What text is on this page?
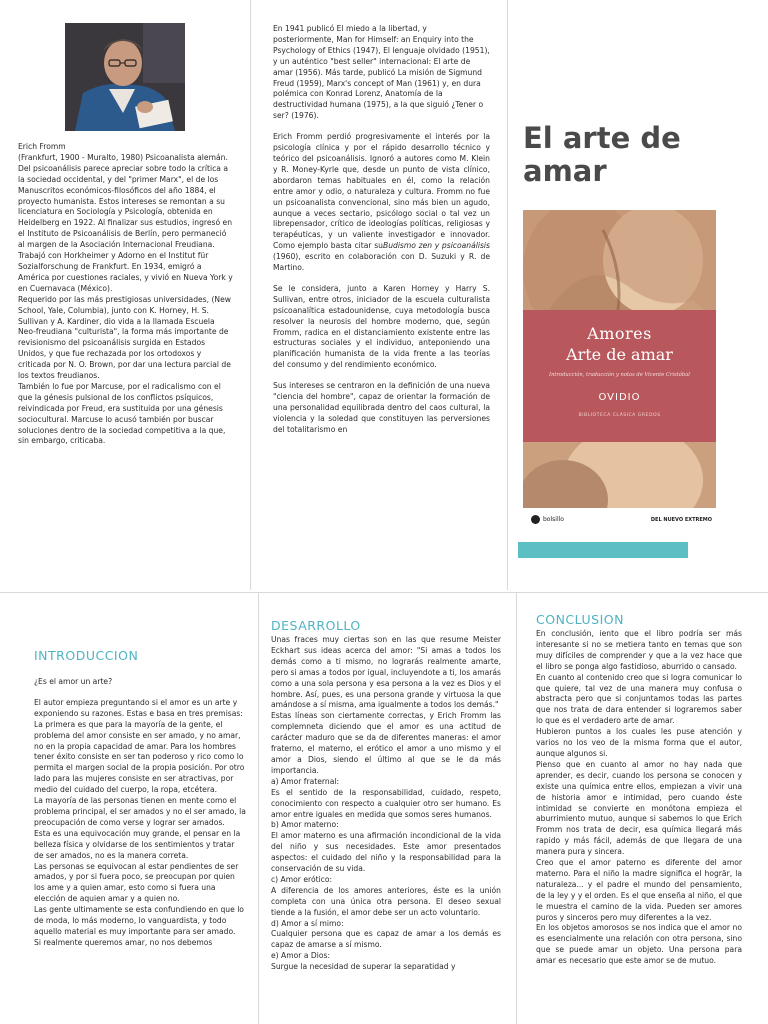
Erich Fromm

(Frankfurt, 1900 - Muralto, 1980) Psicoanalista alemán. Del psicoanálisis parece apreciar sobre todo la crítica a la sociedad occidental, y del "primer Marx", el de los Manuscritos económicos-filosóficos del año 1884, el proyecto humanista. Estos intereses se remontan a su licenciatura en Sociología y Psicología, obtenida en Heidelberg en 1922. Al finalizar sus estudios, ingresó en el Instituto de Psicoanálisis de Berlín, pero permaneció al margen de la Asociación Internacional Freudiana. Trabajó con Horkheimer y Adorno en el Institut für Sozialforschung de Frankfurt. En 1934, emigró a América por cuestiones raciales, y vivió en Nueva York y en Cuernavaca (México).

Requerido por las más prestigiosas universidades, (New School, Yale, Columbia), junto con K. Horney, H. S. Sullivan y A. Kardiner, dio vida a la llamada Escuela Neo-freudiana "culturista", la forma más importante de revisionismo del psicoanálisis surgida en Estados Unidos, y que fue rechazada por los ortodoxos y criticada por N. O. Brown, por dar una lectura parcial de los textos freudianos.

También lo fue por Marcuse, por el radicalismo con el que la génesis pulsional de los conflictos psíquicos, reivindicada por Freud, era sustituida por una génesis sociocultural. Marcuse lo acusó también por buscar soluciones dentro de la sociedad competitiva a la que, sin embargo, criticaba.

En 1941 publicó El miedo a la libertad, y posteriormente, Man for Himself: an Enquiry into the Psychology of Ethics (1947), El lenguaje olvidado (1951), y un auténtico "best seller" internacional: El arte de amar (1956). Más tarde, publicó La misión de Sigmund Freud (1959), Marx's concept of Man (1961) y, en dura polémica con Konrad Lorenz, Anatomía de la destructividad humana (1975), a la que siguió ¿Tener o ser? (1976).

Erich Fromm perdió progresivamente el interés por la psicología clínica y por el rápido desarrollo técnico y teórico del psicoanálisis. Ignoró a autores como M. Klein y R. Money-Kyrle que, desde un punto de vista clínico, abordaron temas habituales en él, como la relación entre amor y odio, o naturaleza y cultura. Fromm no fue un psicoanalista convencional, sino más bien un agudo, aunque a veces sectario, psicólogo social o tal vez un librepensador, crítico de ideologías políticas, religiosas y terapéuticas, y un valiente investigador e innovador. Como ejemplo basta citar suBudismo zen y psicoanálisis (1960), escrito en colaboración con D. Suzuki y R. de Martino.

Se le considera, junto a Karen Horney y Harry S. Sullivan, entre otros, iniciador de la escuela culturalista psicoanalítica estadounidense, cuya metodología busca resolver la neurosis del hombre moderno, que, según Fromm, radica en el distanciamiento existente entre las estructuras sociales y el individuo, anteponiendo una planificación humanista de la vida frente a las teorías del consumo y del rendimiento económico.

Sus intereses se centraron en la definición de una nueva "ciencia del hombre", capaz de orientar la formación de una personalidad equilibrada dentro del caos cultural, la violencia y la soledad que constituyen las perversiones del totalitarismo en

El arte de amar
Amores
Arte de amar
Introducción, traducción y notas de Vicente Cristóbal
OVIDIO
BIBLIOTECA CLÁSICA GREDOS
bolsillo	DEL NUEVO EXTREMO
INTRODUCCION

¿Es el amor un arte?

El autor empieza preguntando si el amor es un arte y exponiendo su razones. Estas e basa en tres premisas:

La primera es que para la mayoría de la gente, el problema del amor consiste en ser amado, y no amar, no en la propia capacidad de amar. Para los hombres tener éxito consiste en ser tan poderoso y rico como lo permita el margen social de la propia posición. Por otro lado para las mujeres consiste en ser atractivas, por medio del cuidado del cuerpo, la ropa, etcétera.

La mayoría de las personas tienen en mente como el problema principal, el ser amados y no el ser amado, la preocupación de como verse y lograr ser amados.

Esta es una equivocación muy grande, el pensar en la belleza física y olvidarse de los sentimientos y tratar de ser amados, no es la manera correta.

Las personas se equivocan al estar pendientes de ser amados, y por si fuera poco, se preocupan por quien los ame y a quien amar, esto como si fuera una elección de aquien amar y a quien no.

Las gente ultimamente se esta confundiendo en que lo de moda, lo más moderno, lo vanguardista, y todo aquello material es muy importante para ser amado.

Si realmente queremos amar, no nos debemos

DESARROLLO

Unas fraces muy ciertas son en las que resume Meister Eckhart sus ideas acerca del amor: "Si amas a todos los demás como a ti mismo, no lograrás realmente amarte, pero si amas a todos por igual, incluyendote a ti, los amarás como a una sola persona y esa persona a la vez es Dios y el hombre. Así, pues, es una persona grande y virtuosa la que amándose a sí misma, ama igualmente a todos los demás."

Estas líneas son ciertamente correctas, y Erich Fromm las complemneta diciendo que el amor es una actitud de carácter maduro que se da de diferentes maneras: el amor fraterno, el materno, el erótico el amor a uno mismo y el amor a Dios, siendo el último al que se le da más importancia.

a) Amor fraternal:

Es el sentido de la responsabilidad, cuidado, respeto, conocimiento con respecto a cualquier otro ser humano. Es amor entre iguales en medida que somos seres humanos.

b) Amor materno:

El amor materno es una afirmación incondicional de la vida del niño y sus necesidades. Este amor presentados aspectos: el cuidado del niño y la responsabilidad para la conservación de su vida.

c) Amor erótico:

A diferencia de los amores anteriores, éste es la unión completa con una única otra persona. El deseo sexual tiende a la fusión, el amor debe ser un acto voluntario.

d) Amor a sí mimo:

Cualquier persona que es capaz de amar a los demás es capaz de amarse a sí mismo.

e) Amor a Dios:

Surgue la necesidad de superar la separatidad y

CONCLUSION

En conclusión, iento que el libro podría ser más interesante si no se metiera tanto en temas que son muy difíciles de comprender y que a la vez hace que el libro se ponga algo fastidioso, aburrido o cansado.

En cuanto al contenido creo que si logra comunicar lo que quiere, tal vez de una manera muy confusa o abstracta pero que si conjuntamos todas las partes que nos trata de dara entender si lograremos saber lo que es el verdadero arte de amar.

Hubieron puntos a los cuales les puse atención y varios no los veo de la misma forma que el autor, aunque algunos si.

Pienso que en cuanto al amor no hay nada que aprender, es decir, cuando los persona se conocen y existe una química entre ellos, empiezan a vivir una de historia amor e intimidad, pero cuando éste intimidad se convierte en monótona empieza el aburrimiento mutuo, aunque si sabemos lo que Erich Fromm nos trata de decir, esa química llegará más rapido y más fácil, además de que llegara de una manera pura y sincera.

Creo que el amor paterno es diferente del amor materno. Para el niño la madre significa el hogrär, la naturaleza... y el padre el mundo del pensamiento, de la ley y y el orden. Es el que enseña al niño, el que le muestra el camino de la vida. Pueden ser amores puros y sinceros pero muy diferentes a la vez.

En los objetos amorosos se nos indica que el amor no es esencialmente una relación con otra persona, sino que se puede amar un objeto. Una persona para amar es necesario que este amor se de mutuo.
